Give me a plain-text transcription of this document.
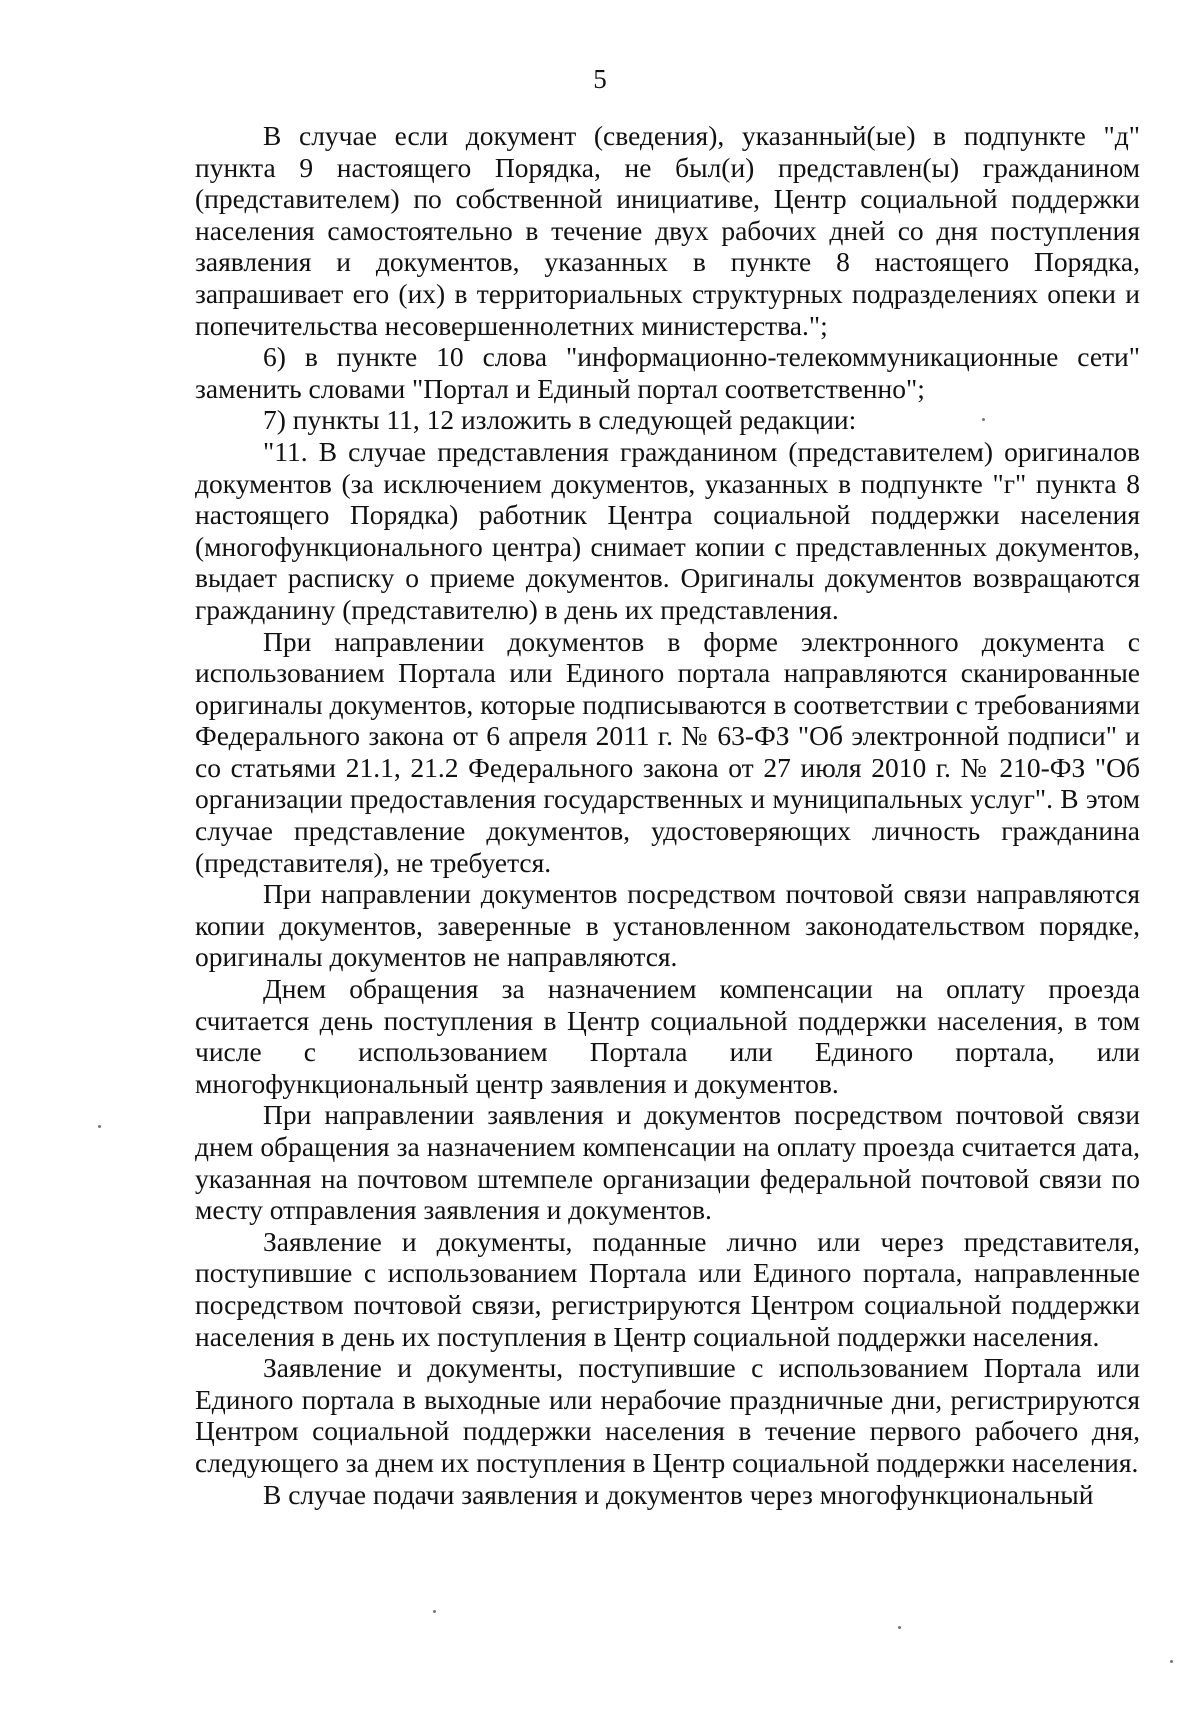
5

В случае если документ (сведения), указанный(ые) в подпункте "д" пункта 9 настоящего Порядка, не был(и) представлен(ы) гражданином (представителем) по собственной инициативе, Центр социальной поддержки населения самостоятельно в течение двух рабочих дней со дня поступления заявления и документов, указанных в пункте 8 настоящего Порядка, запрашивает его (их) в территориальных структурных подразделениях опеки и попечительства несовершеннолетних министерства.";

6) в пункте 10 слова "информационно-телекоммуникационные сети" заменить словами "Портал и Единый портал соответственно";

7) пункты 11, 12 изложить в следующей редакции:

"11. В случае представления гражданином (представителем) оригиналов документов (за исключением документов, указанных в подпункте "г" пункта 8 настоящего Порядка) работник Центра социальной поддержки населения (многофункционального центра) снимает копии с представленных документов, выдает расписку о приеме документов. Оригиналы документов возвращаются гражданину (представителю) в день их представления.

При направлении документов в форме электронного документа с использованием Портала или Единого портала направляются сканированные оригиналы документов, которые подписываются в соответствии с требованиями Федерального закона от 6 апреля 2011 г. № 63-ФЗ "Об электронной подписи" и со статьями 21.1, 21.2 Федерального закона от 27 июля 2010 г. № 210-ФЗ "Об организации предоставления государственных и муниципальных услуг". В этом случае представление документов, удостоверяющих личность гражданина (представителя), не требуется.

При направлении документов посредством почтовой связи направляются копии документов, заверенные в установленном законодательством порядке, оригиналы документов не направляются.

Днем обращения за назначением компенсации на оплату проезда считается день поступления в Центр социальной поддержки населения, в том числе с использованием Портала или Единого портала, или многофункциональный центр заявления и документов.

При направлении заявления и документов посредством почтовой связи днем обращения за назначением компенсации на оплату проезда считается дата, указанная на почтовом штемпеле организации федеральной почтовой связи по месту отправления заявления и документов.

Заявление и документы, поданные лично или через представителя, поступившие с использованием Портала или Единого портала, направленные посредством почтовой связи, регистрируются Центром социальной поддержки населения в день их поступления в Центр социальной поддержки населения.

Заявление и документы, поступившие с использованием Портала или Единого портала в выходные или нерабочие праздничные дни, регистрируются Центром социальной поддержки населения в течение первого рабочего дня, следующего за днем их поступления в Центр социальной поддержки населения.

В случае подачи заявления и документов через многофункциональный
